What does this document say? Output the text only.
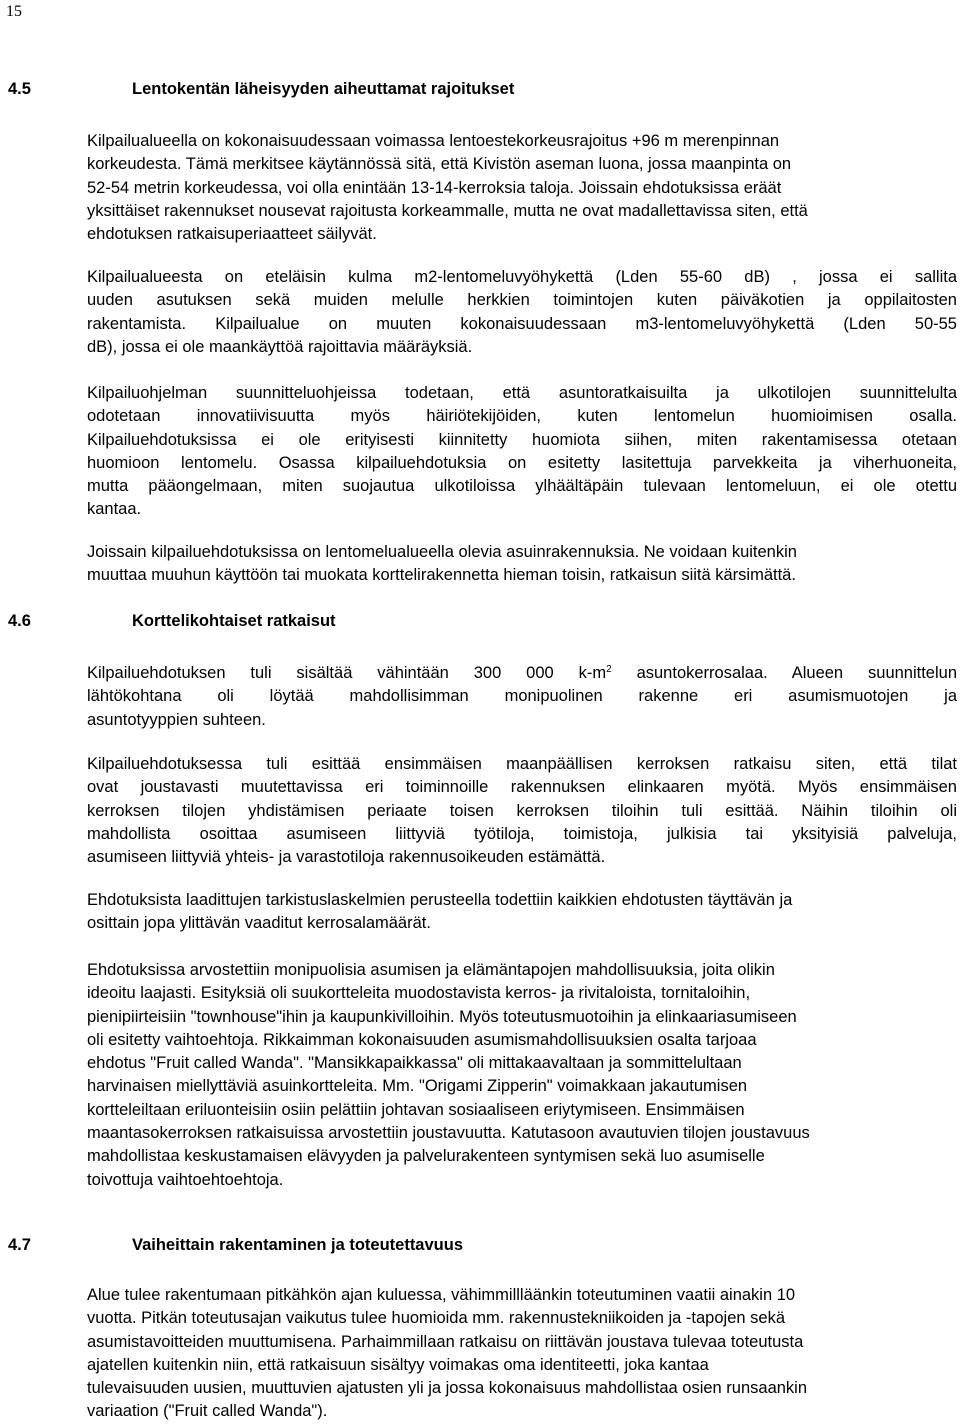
15
4.5	Lentokentän läheisyyden aiheuttamat rajoitukset
Kilpailualueella on kokonaisuudessaan voimassa lentoestekorkeusrajoitus +96 m merenpinnan
korkeudesta. Tämä merkitsee käytännössä sitä, että Kivistön aseman luona, jossa maanpinta on
52-54 metrin korkeudessa, voi olla enintään 13-14-kerroksia taloja. Joissain ehdotuksissa eräät
yksittäiset rakennukset nousevat rajoitusta korkeammalle, mutta ne ovat madallettavissa siten, että
ehdotuksen ratkaisuperiaatteet säilyvät.
Kilpailualueesta on eteläisin kulma m2-lentomeluvyöhykettä (Lden 55-60 dB) , jossa ei sallita
uuden asutuksen sekä muiden melulle herkkien toimintojen kuten päiväkotien ja oppilaitosten
rakentamista. Kilpailualue on muuten kokonaisuudessaan m3-lentomeluvyöhykettä (Lden 50-55
dB), jossa ei ole maankäyttöä rajoittavia määräyksiä.
Kilpailuohjelman suunnitteluohjeissa todetaan, että asuntoratkaisuilta ja ulkotilojen suunnittelulta
odotetaan innovatiivisuutta myös häiriötekijöiden, kuten lentomelun huomioimisen osalla.
Kilpailuehdotuksissa ei ole erityisesti kiinnitetty huomiota siihen, miten rakentamisessa otetaan
huomioon lentomelu. Osassa kilpailuehdotuksia on esitetty lasitettuja parvekkeita ja viherhuoneita,
mutta pääongelmaan, miten suojautua ulkotiloissa ylhäältäpäin tulevaan lentomeluun, ei ole otettu
kantaa.
Joissain kilpailuehdotuksissa on lentomelualueella olevia asuinrakennuksia. Ne voidaan kuitenkin
muuttaa muuhun käyttöön tai muokata korttelirakennetta hieman toisin, ratkaisun siitä kärsimättä.
4.6	Korttelikohtaiset ratkaisut
Kilpailuehdotuksen tuli sisältää vähintään 300 000 $k-m^2$ asuntokerrosalaa. Alueen suunnittelun
lähtökohtana oli löytää mahdollisimman monipuolinen rakenne eri asumismuotojen ja
asuntotyyppien suhteen.
Kilpailuehdotuksessa tuli esittää ensimmäisen maanpäällisen kerroksen ratkaisu siten, että tilat
ovat joustavasti muutettavissa eri toiminnoille rakennuksen elinkaaren myötä. Myös ensimmäisen
kerroksen tilojen yhdistämisen periaate toisen kerroksen tiloihin tuli esittää. Näihin tiloihin oli
mahdollista osoittaa asumiseen liittyviä työtiloja, toimistoja, julkisia tai yksityisiä palveluja,
asumiseen liittyviä yhteis- ja varastotiloja rakennusoikeuden estämättä.
Ehdotuksista laadittujen tarkistuslaskelmien perusteella todettiin kaikkien ehdotusten täyttävän ja
osittain jopa ylittävän vaaditut kerrosalamäärät.
Ehdotuksissa arvostettiin monipuolisia asumisen ja elämäntapojen mahdollisuuksia, joita olikin
ideoitu laajasti. Esityksiä oli suukortteleita muodostavista kerros- ja rivitaloista, tornitaloihin,
pienipiirteisiin "townhouse"ihin ja kaupunkivilloihin. Myös toteutusmuotoihin ja elinkaariasumiseen
oli esitetty vaihtoehtoja. Rikkaimman kokonaisuuden asumismahdollisuuksien osalta tarjoaa
ehdotus "Fruit called Wanda". "Mansikkapaikkassa" oli mittakaavaltaan ja sommittelultaan
harvinaisen miellyttäviä asuinkortteleita. Mm. "Origami Zipperin" voimakkaan jakautumisen
kortteleiltaan eriluonteisiin osiin pelättiin johtavan sosiaaliseen eriytymiseen. Ensimmäisen
maantasokerroksen ratkaisuissa arvostettiin joustavuutta. Katutasoon avautuvien tilojen joustavuus
mahdollistaa keskustamaisen elävyyden ja palvelurakenteen syntymisen sekä luo asumiselle
toivottuja vaihtoehtoehtoja.
4.7	Vaiheittain rakentaminen ja toteutettavuus
Alue tulee rakentumaan pitkähkön ajan kuluessa, vähimmillläänkin toteutuminen vaatii ainakin 10
vuotta. Pitkän toteutusajan vaikutus tulee huomioida mm. rakennustekniikoiden ja -tapojen sekä
asumistavoitteiden muuttumisena. Parhaimmillaan ratkaisu on riittävän joustava tulevaa toteutusta
ajatellen kuitenkin niin, että ratkaisuun sisältyy voimakas oma identiteetti, joka kantaa
tulevaisuuden uusien, muuttuvien ajatusten yli ja jossa kokonaisuus mahdollistaa osien runsaankin
variaation ("Fruit called Wanda").
